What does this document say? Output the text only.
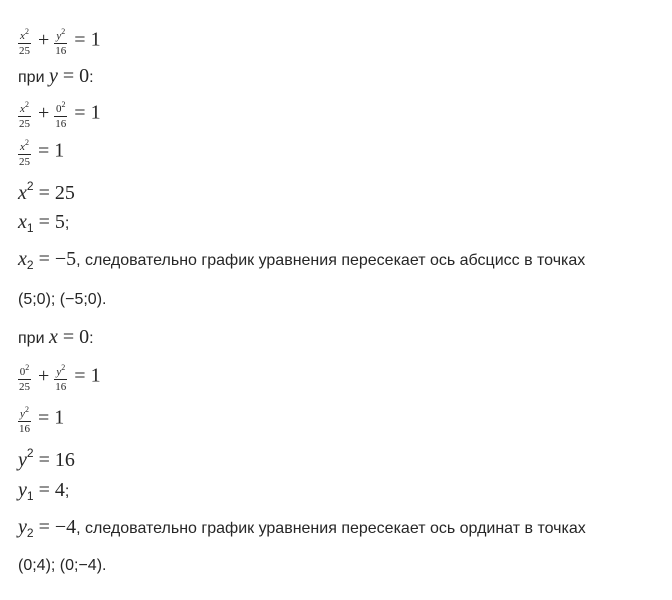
$\frac{x^2}{25} + \frac{y^2}{16} = 1$
при y = 0:
$\frac{x^2}{25} + \frac{0^2}{16} = 1$
$\frac{x^2}{25} = 1$
$x^2 = 25$
$x_1 = 5$;
$x_2 = -5$, следовательно график уравнения пересекает ось абсцисс в точках
(5;0); (−5;0).
при x = 0:
$\frac{0^2}{25} + \frac{y^2}{16} = 1$
$\frac{y^2}{16} = 1$
$y^2 = 16$
$y_1 = 4$;
$y_2 = -4$, следовательно график уравнения пересекает ось ординат в точках
(0;4); (0;−4).
